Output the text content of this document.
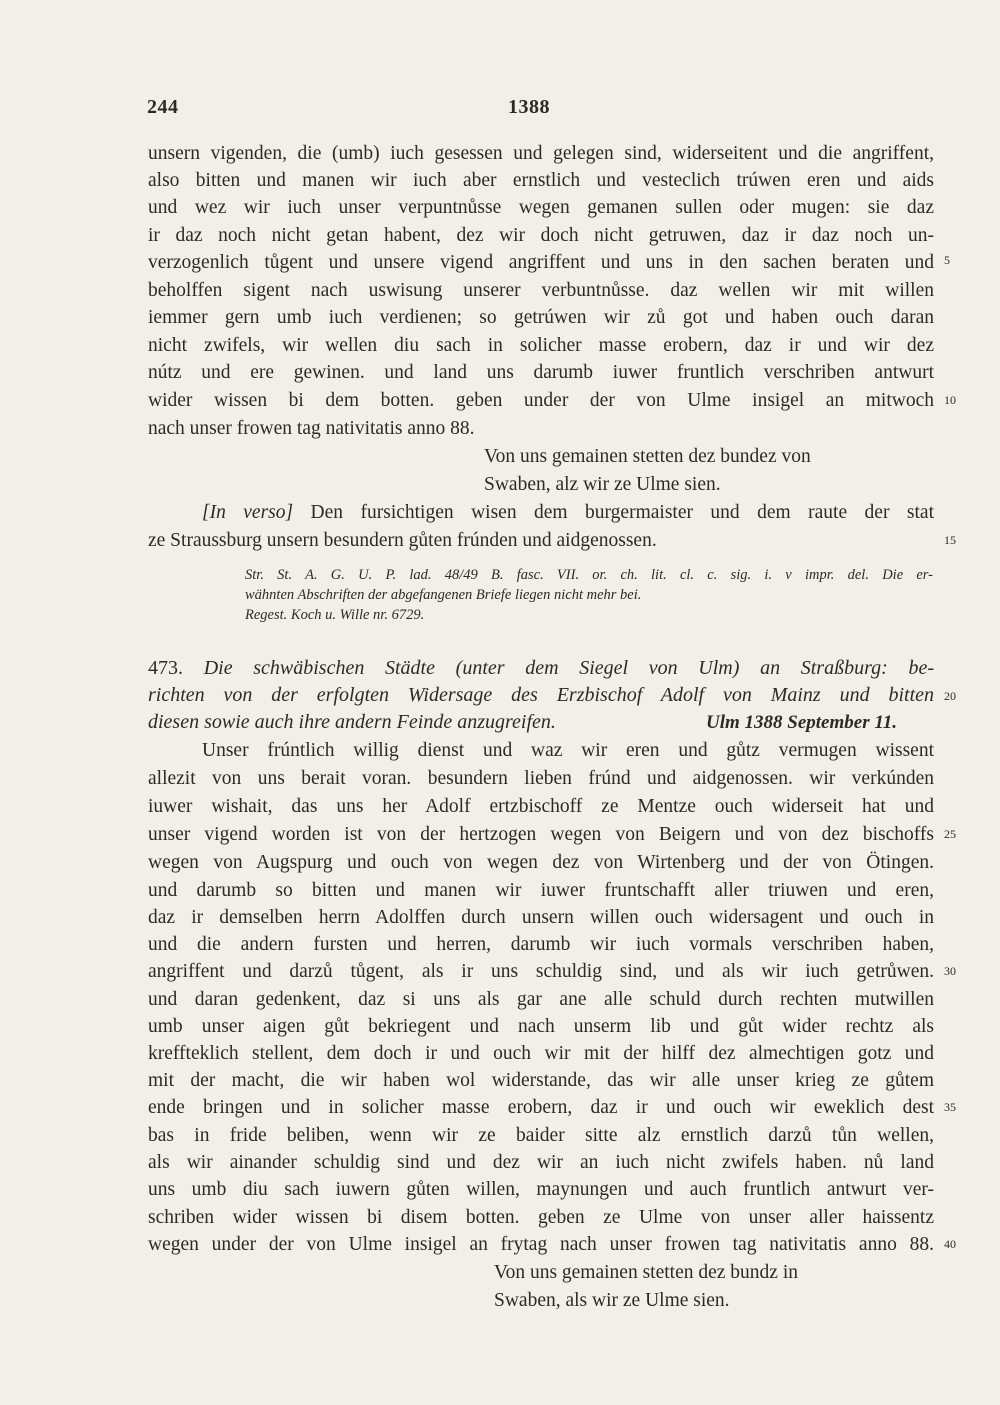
244	1388
unsern vigenden, die (umb) iuch gesessen und gelegen sind, widerseitent und die angriffent,
also bitten und manen wir iuch aber ernstlich und vesteclich trúwen eren und aids
und wez wir iuch unser verpuntnůsse wegen gemanen sullen oder mugen: sie daz
ir daz noch nicht getan habent, dez wir doch nicht getruwen, daz ir daz noch un-
verzogenlich tůgent und unsere vigend angriffent und uns in den sachen beraten und
beholffen sigent nach uswisung unserer verbuntnůsse. daz wellen wir mit willen
iemmer gern umb iuch verdienen; so getrúwen wir zů got und haben ouch daran
nicht zwifels, wir wellen diu sach in solicher masse erobern, daz ir und wir dez
nútz und ere gewinen. und land uns darumb iuwer fruntlich verschriben antwurt
wider wissen bi dem botten. geben under der von Ulme insigel an mitwoch
nach unser frowen tag nativitatis anno 88.
Von uns gemainen stetten dez bundez von
Swaben, alz wir ze Ulme sien.
[In verso] Den fursichtigen wisen dem burgermaister und dem raute der stat
ze Straussburg unsern besundern gůten frúnden und aidgenossen.
Str. St. A. G. U. P. lad. 48/49 B. fasc. VII. or. ch. lit. cl. c. sig. i. v impr. del. Die er-
wähnten Abschriften der abgefangenen Briefe liegen nicht mehr bei.
Regest. Koch u. Wille nr. 6729.
473. Die schwäbischen Städte (unter dem Siegel von Ulm) an Straßburg: be-
richten von der erfolgten Widersage des Erzbischof Adolf von Mainz und bitten
diesen sowie auch ihre andern Feinde anzugreifen.	Ulm 1388 September 11.
Unser frúntlich willig dienst und waz wir eren und gůtz vermugen wissent
allezit von uns berait voran. besundern lieben frúnd und aidgenossen. wir verkúnden
iuwer wishait, das uns her Adolf ertzbischoff ze Mentze ouch widerseit hat und
unser vigend worden ist von der hertzogen wegen von Beigern und von dez bischoffs
wegen von Augspurg und ouch von wegen dez von Wirtenberg und der von Ötingen.
und darumb so bitten und manen wir iuwer fruntschafft aller triuwen und eren,
daz ir demselben herrn Adolffen durch unsern willen ouch widersagent und ouch in
und die andern fursten und herren, darumb wir iuch vormals verschriben haben,
angriffent und darzů tůgent, als ir uns schuldig sind, und als wir iuch getrůwen.
und daran gedenkent, daz si uns als gar ane alle schuld durch rechten mutwillen
umb unser aigen gůt bekriegent und nach unserm lib und gůt wider rechtz als
kreffteklich stellent, dem doch ir und ouch wir mit der hilff dez almechtigen gotz und
mit der macht, die wir haben wol widerstande, das wir alle unser krieg ze gůtem
ende bringen und in solicher masse erobern, daz ir und ouch wir eweklich dest
bas in fride beliben, wenn wir ze baider sitte alz ernstlich darzů tůn wellen,
als wir ainander schuldig sind und dez wir an iuch nicht zwifels haben. nů land
uns umb diu sach iuwern gůten willen, maynungen und auch fruntlich antwurt ver-
schriben wider wissen bi disem botten. geben ze Ulme von unser aller haissentz
wegen under der von Ulme insigel an frytag nach unser frowen tag nativitatis anno 88.
Von uns gemainen stetten dez bundz in
Swaben, als wir ze Ulme sien.
5
10
15
20
25
30
35
40
